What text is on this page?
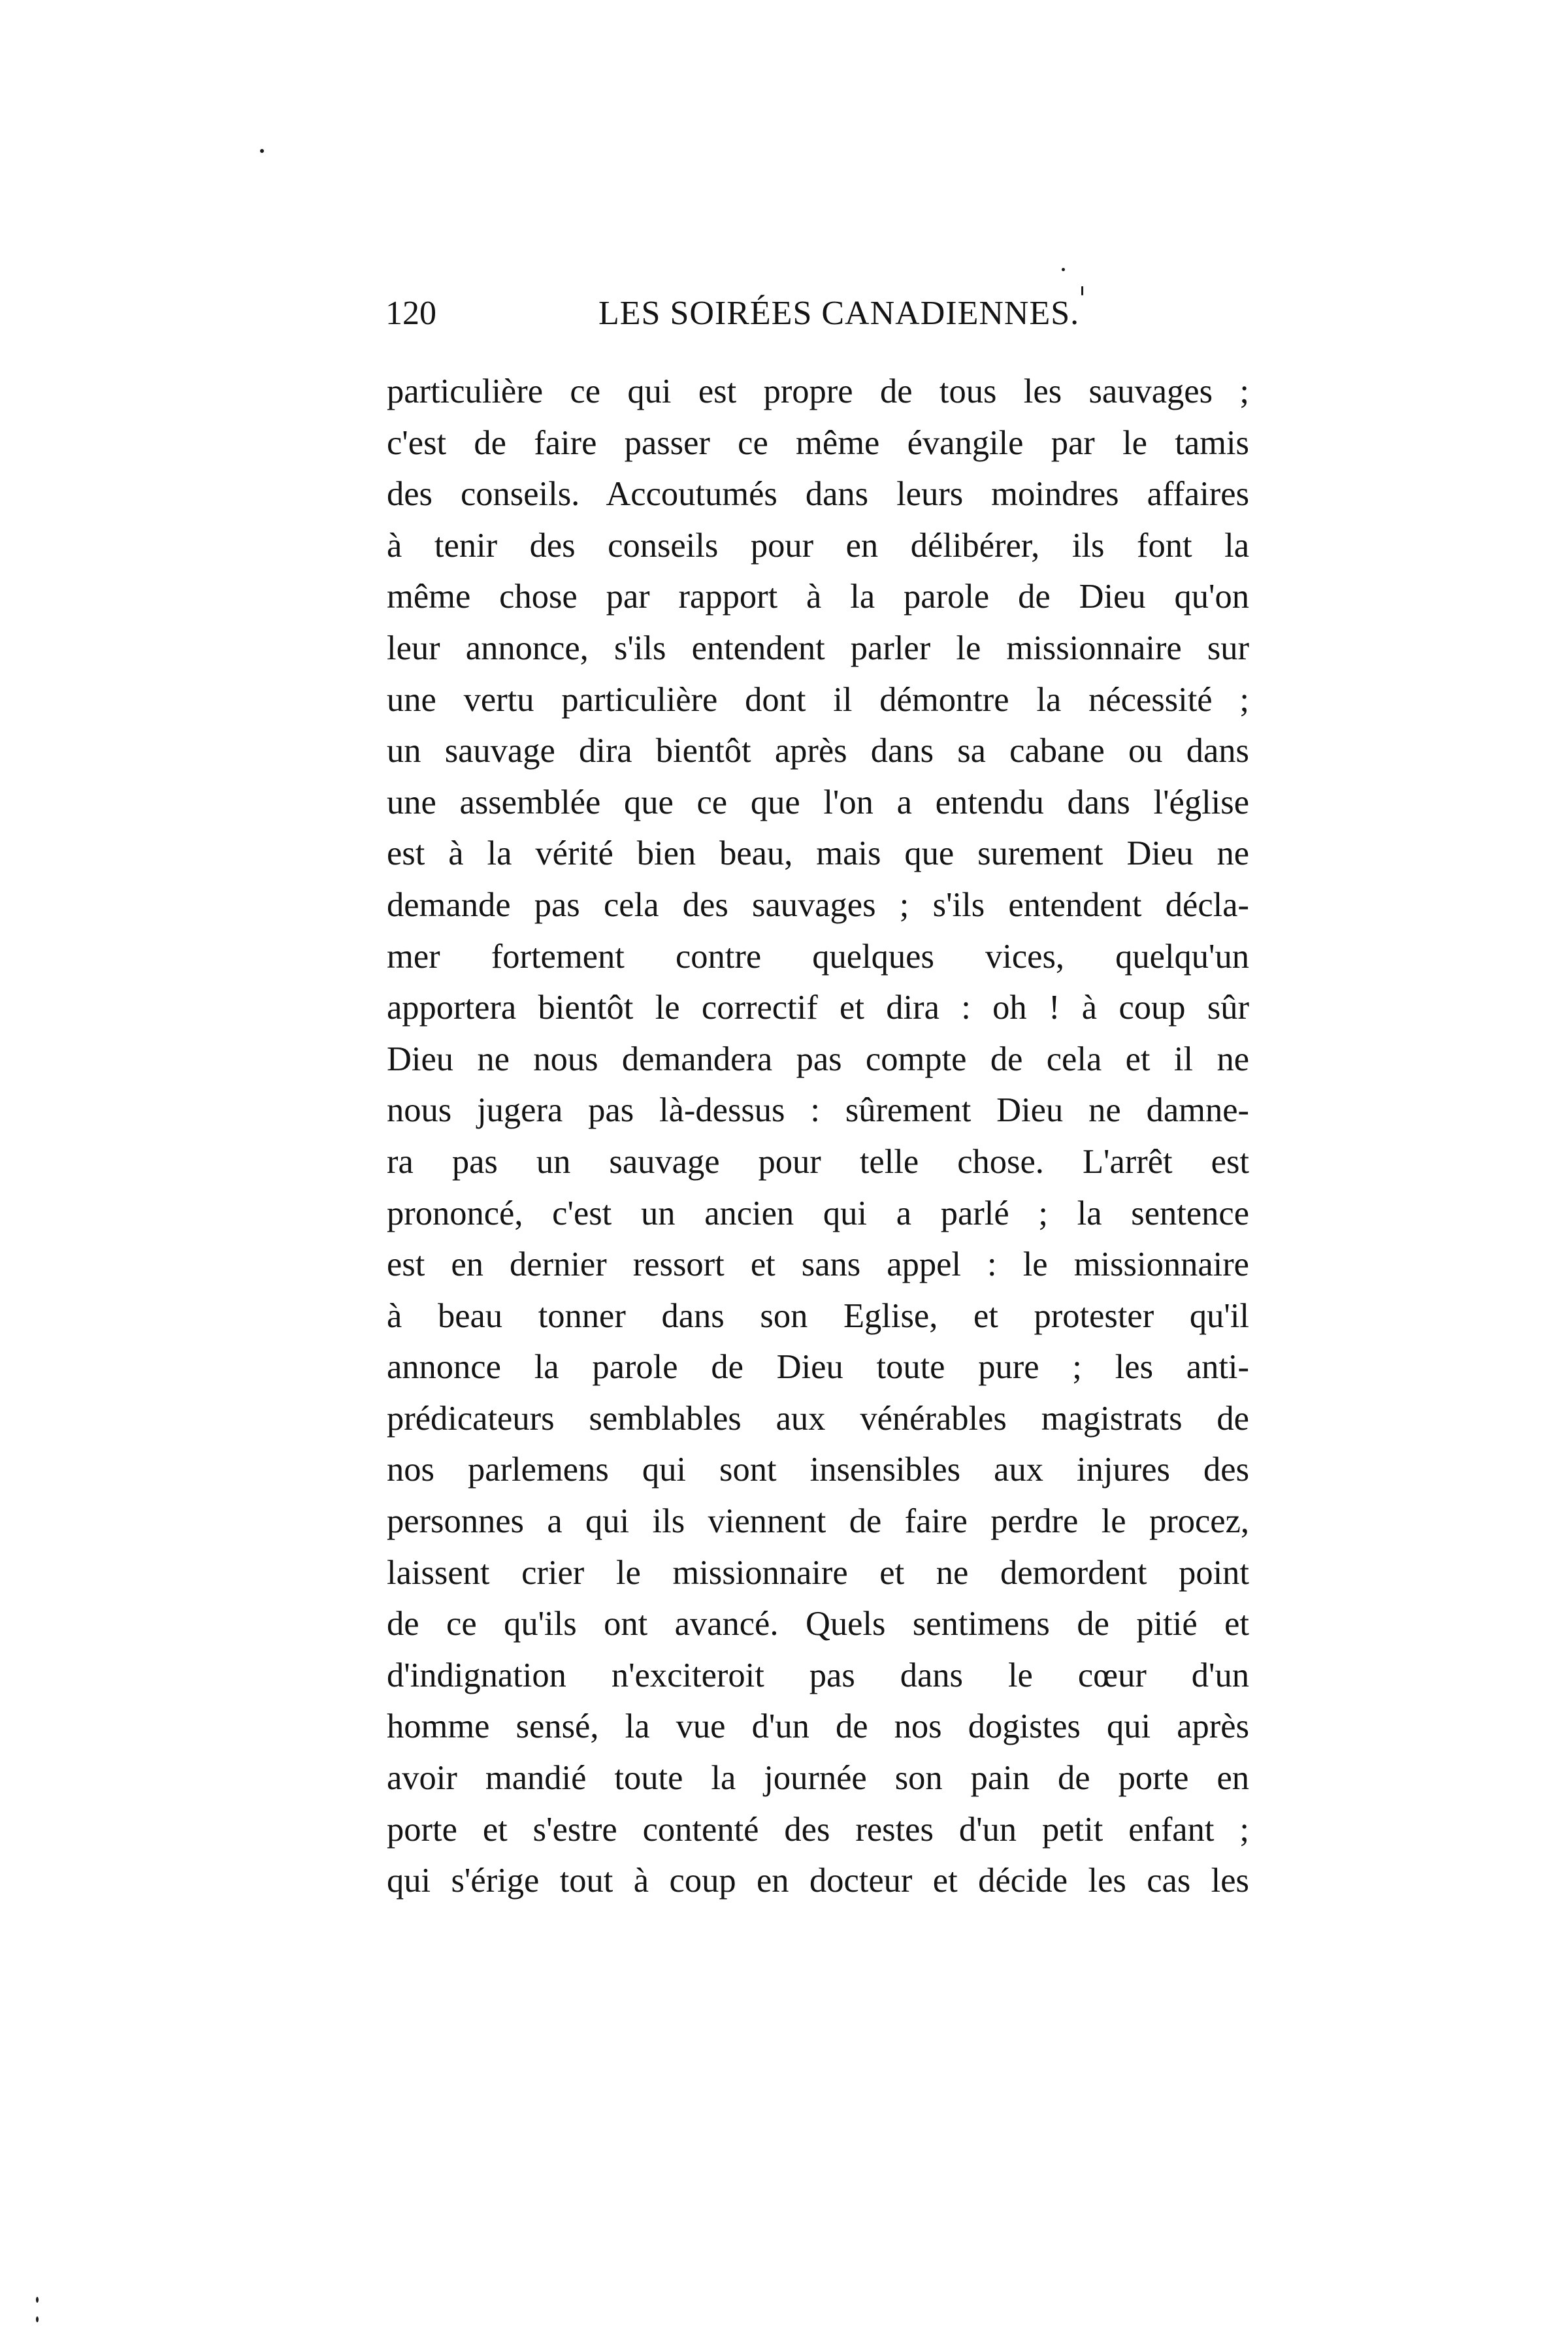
120	LES SOIRÉES CANADIENNES.
particulière ce qui est propre de tous les sauvages ;
c'est de faire passer ce même évangile par le tamis
des conseils. Accoutumés dans leurs moindres affaires
à tenir des conseils pour en délibérer, ils font la
même chose par rapport à la parole de Dieu qu'on
leur annonce, s'ils entendent parler le missionnaire sur
une vertu particulière dont il démontre la nécessité ;
un sauvage dira bientôt après dans sa cabane ou dans
une assemblée que ce que l'on a entendu dans l'église
est à la vérité bien beau, mais que surement Dieu ne
demande pas cela des sauvages ; s'ils entendent décla-
mer fortement contre quelques vices, quelqu'un
apportera bientôt le correctif et dira : oh ! à coup sûr
Dieu ne nous demandera pas compte de cela et il ne
nous jugera pas là-dessus : sûrement Dieu ne damne-
ra pas un sauvage pour telle chose. L'arrêt est
prononcé, c'est un ancien qui a parlé ; la sentence
est en dernier ressort et sans appel : le missionnaire
à beau tonner dans son Eglise, et protester qu'il
annonce la parole de Dieu toute pure ; les anti-
prédicateurs semblables aux vénérables magistrats de
nos parlemens qui sont insensibles aux injures des
personnes a qui ils viennent de faire perdre le procez,
laissent crier le missionnaire et ne demordent point
de ce qu'ils ont avancé. Quels sentimens de pitié et
d'indignation n'exciteroit pas dans le cœur d'un
homme sensé, la vue d'un de nos dogistes qui après
avoir mandié toute la journée son pain de porte en
porte et s'estre contenté des restes d'un petit enfant ;
qui s'érige tout à coup en docteur et décide les cas les
